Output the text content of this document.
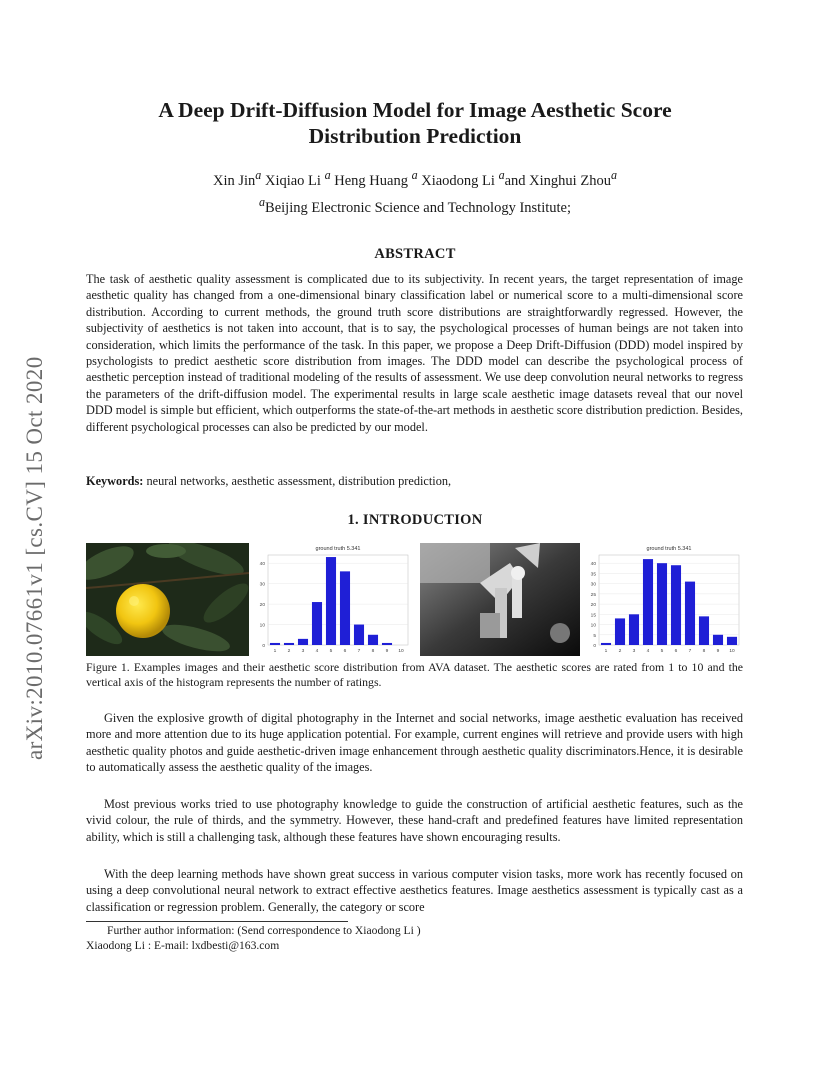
arXiv:2010.07661v1 [cs.CV] 15 Oct 2020
A Deep Drift-Diffusion Model for Image Aesthetic Score
Distribution Prediction
Xin Jin$^a$ Xiqiao Li $^a$ Heng Huang $^a$ Xiaodong Li $^a$and Xinghui Zhou$^a$
$^a$Beijing Electronic Science and Technology Institute;
ABSTRACT
The task of aesthetic quality assessment is complicated due to its subjectivity. In recent years, the target representation of image aesthetic quality has changed from a one-dimensional binary classification label or numerical score to a multi-dimensional score distribution. According to current methods, the ground truth score distributions are straightforwardly regressed. However, the subjectivity of aesthetics is not taken into account, that is to say, the psychological processes of human beings are not taken into consideration, which limits the performance of the task. In this paper, we propose a Deep Drift-Diffusion (DDD) model inspired by psychologists to predict aesthetic score distribution from images. The DDD model can describe the psychological process of aesthetic perception instead of traditional modeling of the results of assessment. We use deep convolution neural networks to regress the parameters of the drift-diffusion model. The experimental results in large scale aesthetic image datasets reveal that our novel DDD model is simple but efficient, which outperforms the state-of-the-art methods in aesthetic score distribution prediction. Besides, different psychological processes can also be predicted by our model.
Keywords: neural networks, aesthetic assessment, distribution prediction,
1. INTRODUCTION
ground truth 5.341
0
10
20
30
40
1 2 3 4 5 6 7 8 9 10
ground truth 5.341
0
5
10
15
20
25
30
35
40
1 2 3 4 5 6 7 8 9 10
Figure 1. Examples images and their aesthetic score distribution from AVA dataset. The aesthetic scores are rated from 1 to 10 and the vertical axis of the histogram represents the number of ratings.
Given the explosive growth of digital photography in the Internet and social networks, image aesthetic evaluation has received more and more attention due to its huge application potential. For example, current engines will retrieve and provide users with high aesthetic quality photos and guide aesthetic-driven image enhancement through aesthetic quality discriminators.Hence, it is desirable to automatically assess the aesthetic quality of the images.
Most previous works tried to use photography knowledge to guide the construction of artificial aesthetic features, such as the vivid colour, the rule of thirds, and the symmetry. However, these hand-craft and predefined features have limited representation ability, which is still a challenging task, although these features have shown encouraging results.
With the deep learning methods have shown great success in various computer vision tasks, more work has recently focused on using a deep convolutional neural network to extract effective aesthetics features. Image aesthetics assessment is typically cast as a classification or regression problem. Generally, the category or score
Further author information: (Send correspondence to Xiaodong Li )
Xiaodong Li : E-mail: lxdbesti@163.com
